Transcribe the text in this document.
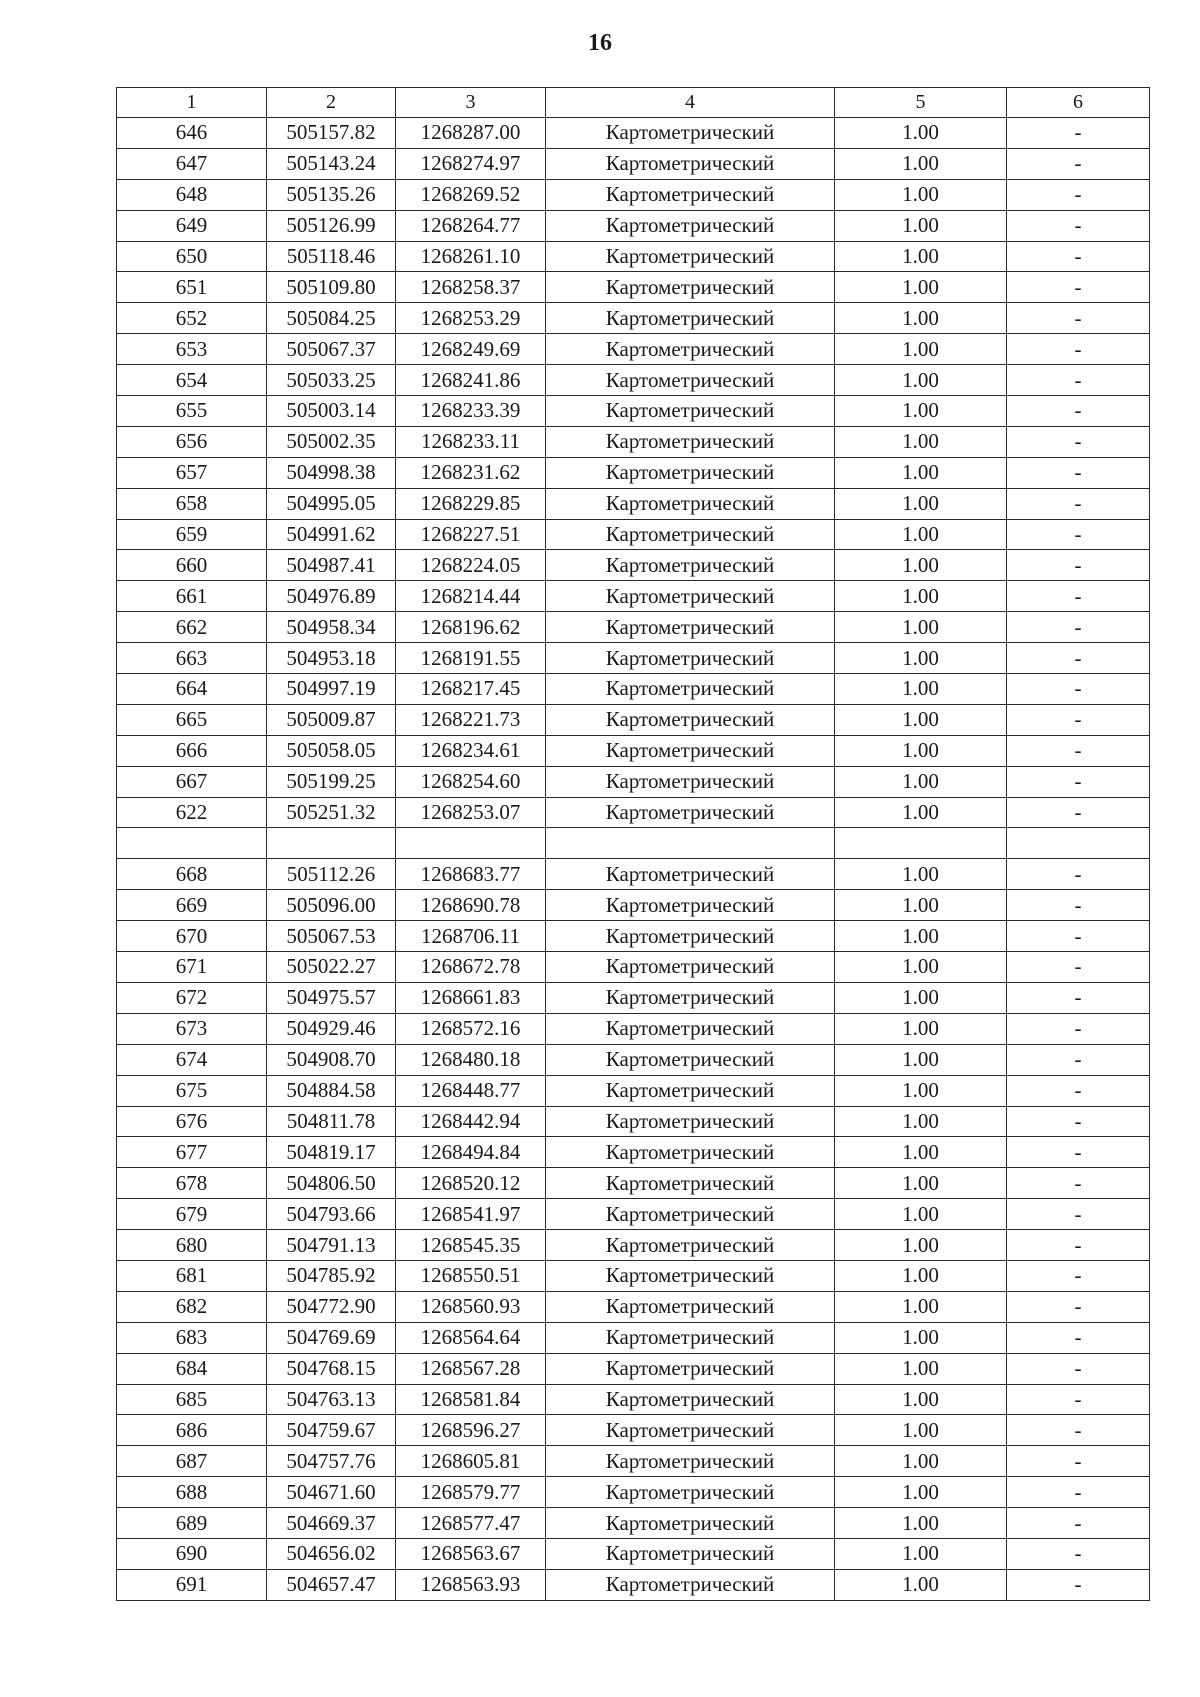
16
1	2	3	4	5	6
646	505157.82	1268287.00	Картометрический	1.00	-
647	505143.24	1268274.97	Картометрический	1.00	-
648	505135.26	1268269.52	Картометрический	1.00	-
649	505126.99	1268264.77	Картометрический	1.00	-
650	505118.46	1268261.10	Картометрический	1.00	-
651	505109.80	1268258.37	Картометрический	1.00	-
652	505084.25	1268253.29	Картометрический	1.00	-
653	505067.37	1268249.69	Картометрический	1.00	-
654	505033.25	1268241.86	Картометрический	1.00	-
655	505003.14	1268233.39	Картометрический	1.00	-
656	505002.35	1268233.11	Картометрический	1.00	-
657	504998.38	1268231.62	Картометрический	1.00	-
658	504995.05	1268229.85	Картометрический	1.00	-
659	504991.62	1268227.51	Картометрический	1.00	-
660	504987.41	1268224.05	Картометрический	1.00	-
661	504976.89	1268214.44	Картометрический	1.00	-
662	504958.34	1268196.62	Картометрический	1.00	-
663	504953.18	1268191.55	Картометрический	1.00	-
664	504997.19	1268217.45	Картометрический	1.00	-
665	505009.87	1268221.73	Картометрический	1.00	-
666	505058.05	1268234.61	Картометрический	1.00	-
667	505199.25	1268254.60	Картометрический	1.00	-
622	505251.32	1268253.07	Картометрический	1.00	-

668	505112.26	1268683.77	Картометрический	1.00	-
669	505096.00	1268690.78	Картометрический	1.00	-
670	505067.53	1268706.11	Картометрический	1.00	-
671	505022.27	1268672.78	Картометрический	1.00	-
672	504975.57	1268661.83	Картометрический	1.00	-
673	504929.46	1268572.16	Картометрический	1.00	-
674	504908.70	1268480.18	Картометрический	1.00	-
675	504884.58	1268448.77	Картометрический	1.00	-
676	504811.78	1268442.94	Картометрический	1.00	-
677	504819.17	1268494.84	Картометрический	1.00	-
678	504806.50	1268520.12	Картометрический	1.00	-
679	504793.66	1268541.97	Картометрический	1.00	-
680	504791.13	1268545.35	Картометрический	1.00	-
681	504785.92	1268550.51	Картометрический	1.00	-
682	504772.90	1268560.93	Картометрический	1.00	-
683	504769.69	1268564.64	Картометрический	1.00	-
684	504768.15	1268567.28	Картометрический	1.00	-
685	504763.13	1268581.84	Картометрический	1.00	-
686	504759.67	1268596.27	Картометрический	1.00	-
687	504757.76	1268605.81	Картометрический	1.00	-
688	504671.60	1268579.77	Картометрический	1.00	-
689	504669.37	1268577.47	Картометрический	1.00	-
690	504656.02	1268563.67	Картометрический	1.00	-
691	504657.47	1268563.93	Картометрический	1.00	-
